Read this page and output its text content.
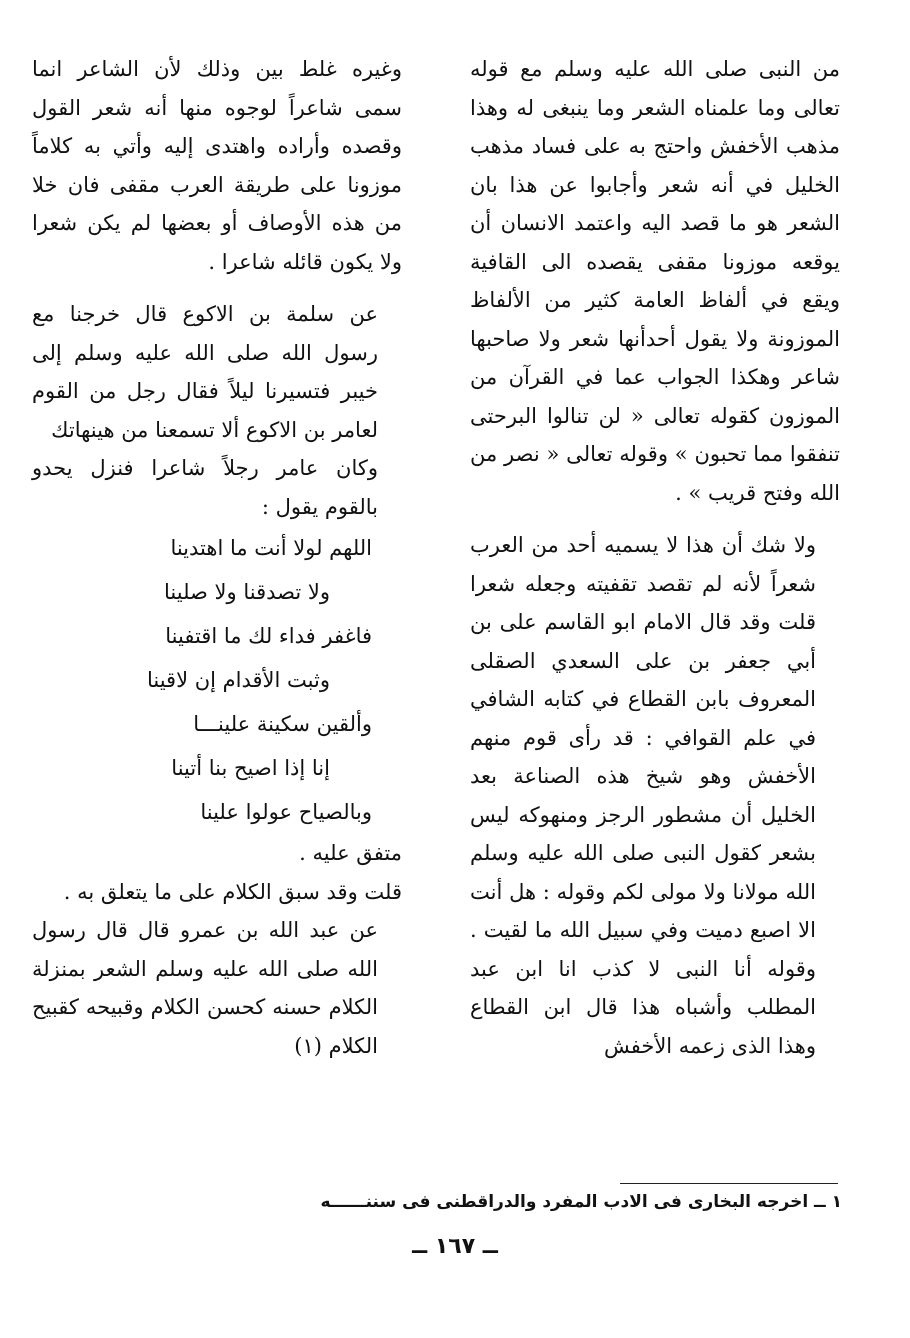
من النبى صلى الله عليه وسلم مع قوله تعالى وما علمناه الشعر وما ينبغى له وهذا مذهب الأخفش واحتج به على فساد مذهب الخليل في أنه شعر وأجابوا عن هذا بان الشعر هو ما قصد اليه واعتمد الانسان أن يوقعه موزونا مقفى يقصده الى القافية ويقع في ألفاظ العامة كثير من الألفاظ الموزونة ولا يقول أحدأنها شعر ولا صاحبها شاعر وهكذا الجواب عما في القرآن من الموزون كقوله تعالى « لن تنالوا البرحتى تنفقوا مما تحبون » وقوله تعالى « نصر من الله وفتح قريب » .

ولا شك أن هذا لا يسميه أحد من العرب شعراً لأنه لم تقصد تقفيته وجعله شعرا قلت وقد قال الامام ابو القاسم على بن أبي جعفر بن على السعدي الصقلى المعروف بابن القطاع في كتابه الشافي في علم القوافي : قد رأى قوم منهم الأخفش وهو شيخ هذه الصناعة بعد الخليل أن مشطور الرجز ومنهوكه ليس بشعر كقول النبى صلى الله عليه وسلم الله مولانا ولا مولى لكم وقوله : هل أنت الا اصبع دميت وفي سبيل الله ما لقيت . وقوله أنا النبى لا كذب انا ابن عبد المطلب وأشباه هذا قال ابن القطاع وهذا الذى زعمه الأخفش

وغيره غلط بين وذلك لأن الشاعر انما سمى شاعراً لوجوه منها أنه شعر القول وقصده وأراده واهتدى إليه وأتي به كلاماً موزونا على طريقة العرب مقفى فان خلا من هذه الأوصاف أو بعضها لم يكن شعرا ولا يكون قائله شاعرا .

عن سلمة بن الاكوع قال خرجنا مع رسول الله صلى الله عليه وسلم إلى خيبر فتسيرنا ليلاً فقال رجل من القوم لعامر بن الاكوع ألا تسمعنا من هينهاتك

وكان عامر رجلاً شاعرا فنزل يحدو بالقوم يقول :

اللهم لولا أنت ما اهتدينا
ولا تصدقنا ولا صلينا
فاغفر فداء لك ما اقتفينا
وثبت الأقدام إن لاقينا
وألقين سكينة علينـــا
إنا إذا اصيح بنا أتينا
وبالصياح عولوا علينا

متفق عليه .

قلت وقد سبق الكلام على ما يتعلق به .

عن عبد الله بن عمرو قال قال رسول الله صلى الله عليه وسلم الشعر بمنزلة الكلام حسنه كحسن الكلام وقبيحه كقبيح الكلام (١)

١ ــ اخرجه البخارى فى الادب المفرد والدراقطنى فى سننــــــه
ــ ١٦٧ ــ
